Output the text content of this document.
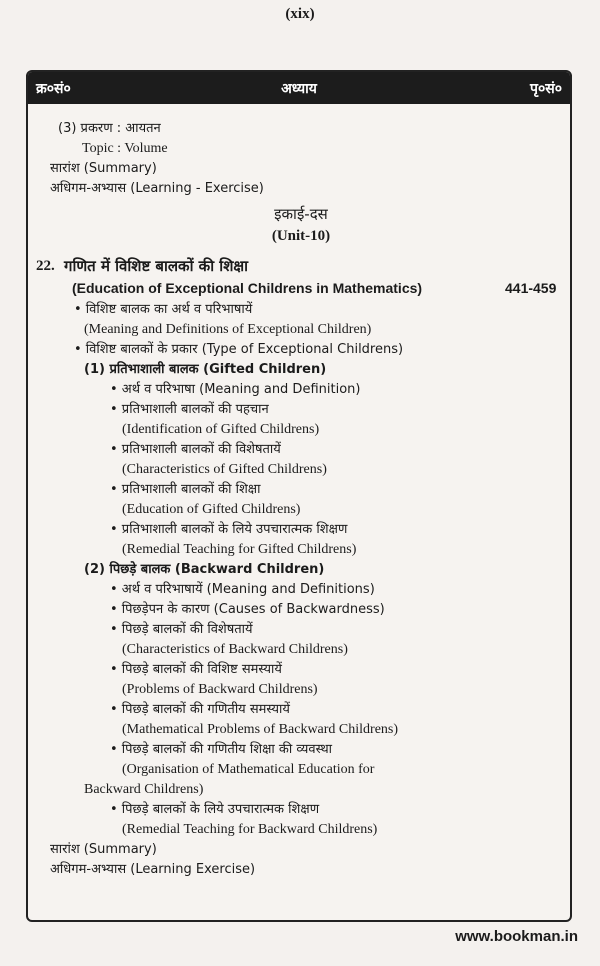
(xix)
क्र०सं०	अध्याय	पृ०सं०
(3) प्रकरण : आयतन
Topic : Volume
सारांश (Summary)
अधिगम-अभ्यास (Learning - Exercise)
इकाई-दस
(Unit-10)
22. गणित में विशिष्ट बालकों की शिक्षा
(Education of Exceptional Childrens in Mathematics)	441-459
• विशिष्ट बालक का अर्थ व परिभाषायें
(Meaning and Definitions of Exceptional Children)
• विशिष्ट बालकों के प्रकार (Type of Exceptional Childrens)
(1) प्रतिभाशाली बालक (Gifted Children)
• अर्थ व परिभाषा (Meaning and Definition)
• प्रतिभाशाली बालकों की पहचान
(Identification of Gifted Childrens)
• प्रतिभाशाली बालकों की विशेषतायें
(Characteristics of Gifted Childrens)
• प्रतिभाशाली बालकों की शिक्षा
(Education of Gifted Childrens)
• प्रतिभाशाली बालकों के लिये उपचारात्मक शिक्षण
(Remedial Teaching for Gifted Childrens)
(2) पिछड़े बालक (Backward Children)
• अर्थ व परिभाषायें (Meaning and Definitions)
• पिछड़ेपन के कारण (Causes of Backwardness)
• पिछड़े बालकों की विशेषतायें
(Characteristics of Backward Childrens)
• पिछड़े बालकों की विशिष्ट समस्यायें
(Problems of Backward Childrens)
• पिछड़े बालकों की गणितीय समस्यायें
(Mathematical Problems of Backward Childrens)
• पिछड़े बालकों की गणितीय शिक्षा की व्यवस्था
(Organisation of Mathematical Education for
Backward Childrens)
• पिछड़े बालकों के लिये उपचारात्मक शिक्षण
(Remedial Teaching for Backward Childrens)
सारांश (Summary)
अधिगम-अभ्यास (Learning Exercise)
www.bookman.in
